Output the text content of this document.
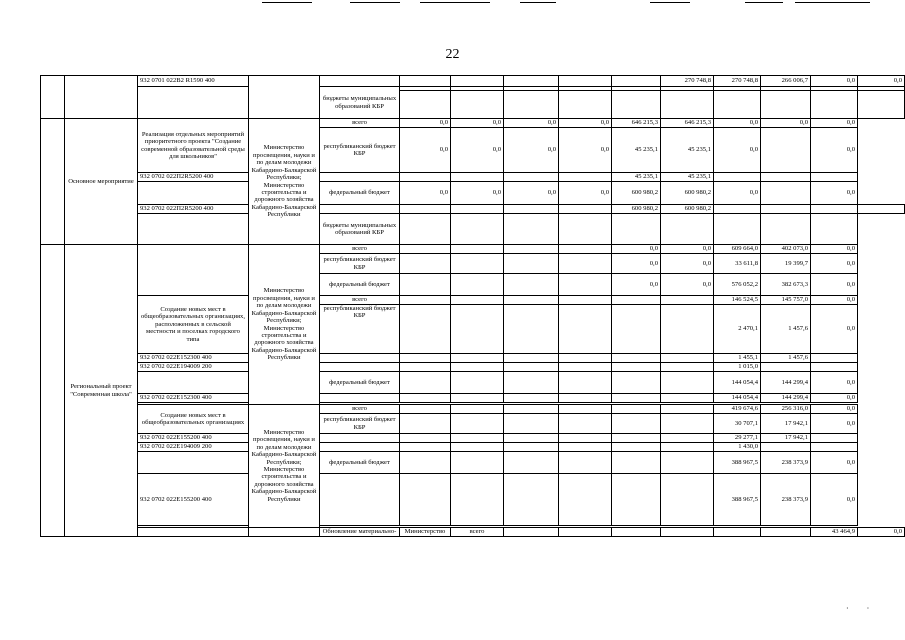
22
		932 0701 022В2 R1590 400								270 748,8	270 748,8	266 006,7	0,0	0,0	
				бюджеты муниципальных образований КБР											

	Основное мероприятие	Реализация отдельных мероприятий приоритетного проекта "Создание современной образовательной среды для школьников"	Министерство просвещения, науки и по делам молодежи Кабардино-Балкарской Республики; Министерство строительства и дорожного хозяйства Кабардино-Балкарской Республики	всего	0,0	0,0	0,0	0,0	646 215,3	646 215,3	0,0	0,0	0,0		
				республиканский бюджет КБР	0,0	0,0	0,0	0,0	45 235,1	45 235,1	0,0		0,0		
		932 0702 022П2R5200 400							45 235,1	45 235,1					
				федеральный бюджет	0,0	0,0	0,0	0,0	600 980,2	600 980,2	0,0		0,0		

		932 0702 022П2R5200 400							600 980,2	600 980,2					
				бюджеты муниципальных образований КБР											

	Региональный проект "Современная школа"		Министерство просвещения, науки и по делам молодежи Кабардино-Балкарской Республики; Министерство строительства и дорожного хозяйства Кабардино-Балкарской Республики	всего					0,0	0,0	609 664,0	402 073,0	0,0		
				республиканский бюджет КБР					0,0	0,0	33 611,8	19 399,7	0,0		
				федеральный бюджет					0,0	0,0	576 052,2	382 673,3	0,0		
		Создание новых мест в общеобразовательных организациях, расположенных в сельской местности и поселках городского типа		всего							146 524,5	145 757,0	0,0		
				республиканский бюджет КБР							2 470,1	1 457,6	0,0		
		932 0702 022Е152300 400									1 455,1	1 457,6			
		932 0702 022Е194009 200									1 015,0				
				федеральный бюджет							144 054,4	144 299,4	0,0		
		932 0702 022Е152300 400									144 054,4	144 299,4	0,0		

		Создание новых мест в общеобразовательных организациях	Министерство просвещения, науки и по делам молодежи Кабардино-Балкарской Республики; Министерство строительства и дорожного хозяйства Кабардино-Балкарской Республики	всего							419 674,6	256 316,0	0,0		
				республиканский бюджет КБР							30 707,1	17 942,1	0,0		
		932 0702 022Е155200 400									29 277,1	17 942,1			
		932 0702 022Е194009 200									1 430,0				
				федеральный бюджет							388 967,5	238 373,9	0,0		
		932 0702 022Е155200 400									388 967,5	238 373,9	0,0		

				Обновление материально-	Министерство	всего							43 464,9	0,0	
· ·
